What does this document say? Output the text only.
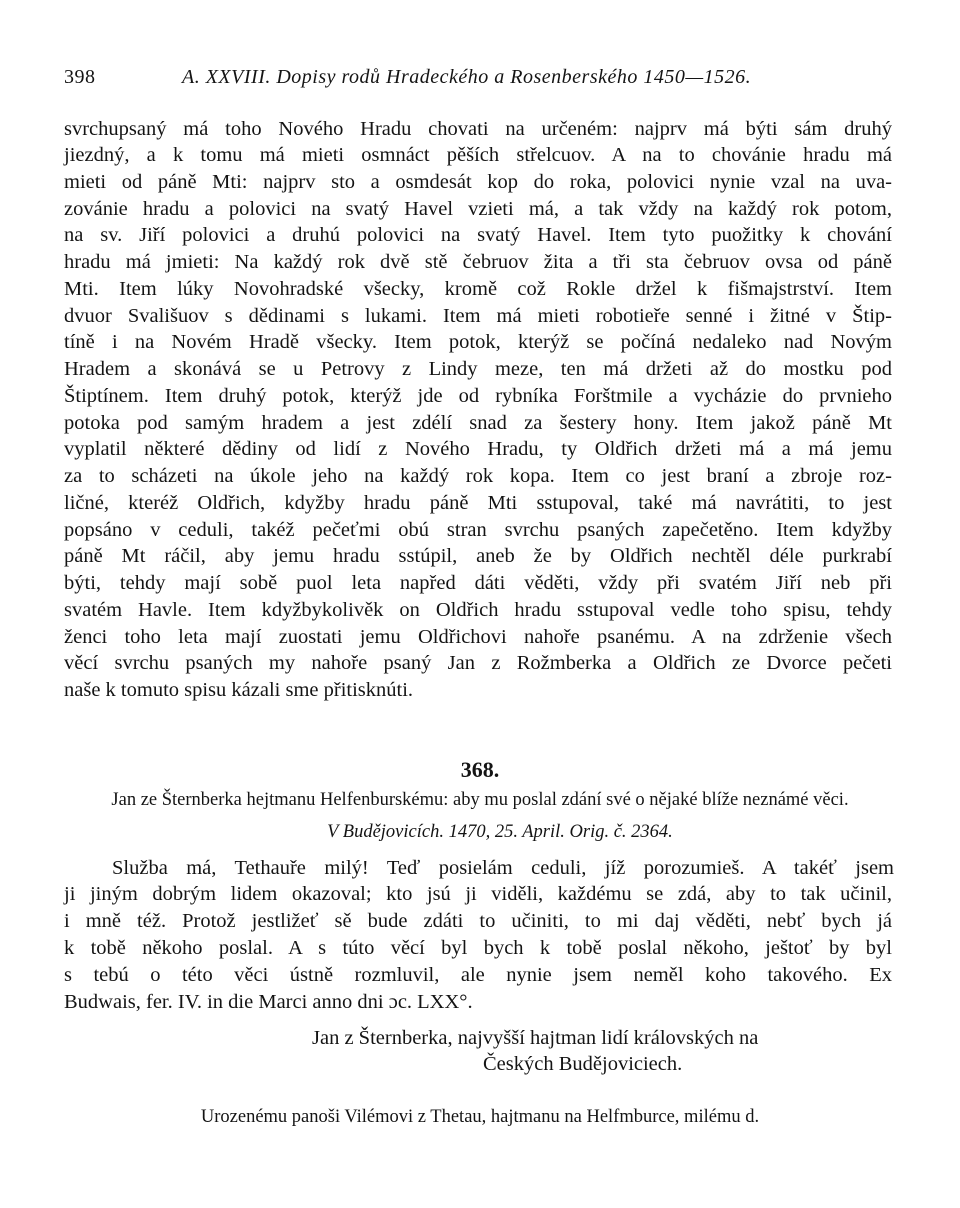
398	A. XXVIII. Dopisy rodů Hradeckého a Rosenberského 1450—1526.
svrchupsaný má toho Nového Hradu chovati na určeném: najprv má býti sám druhý
jiezdný, a k tomu má mieti osmnáct pěších střelcuov. A na to chovánie hradu má
mieti od páně Mti: najprv sto a osmdesát kop do roka, polovici nynie vzal na uva-
zovánie hradu a polovici na svatý Havel vzieti má, a tak vždy na každý rok potom,
na sv. Jiří polovici a druhú polovici na svatý Havel. Item tyto puožitky k chování
hradu má jmieti: Na každý rok dvě stě čebruov žita a tři sta čebruov ovsa od páně
Mti. Item lúky Novohradské všecky, kromě což Rokle držel k fišmajstrství. Item
dvuor Svališuov s dědinami s lukami. Item má mieti robotieře senné i žitné v Štip-
tíně i na Novém Hradě všecky. Item potok, kterýž se počíná nedaleko nad Novým
Hradem a skonává se u Petrovy z Lindy meze, ten má držeti až do mostku pod
Štiptínem. Item druhý potok, kterýž jde od rybníka Forštmile a vycházie do prvnieho
potoka pod samým hradem a jest zdélí snad za šestery hony. Item jakož páně Mt
vyplatil některé dědiny od lidí z Nového Hradu, ty Oldřich držeti má a má jemu
za to scházeti na úkole jeho na každý rok kopa. Item co jest braní a zbroje roz-
ličné, kteréž Oldřich, kdyžby hradu páně Mti sstupoval, také má navrátiti, to jest
popsáno v ceduli, takéž pečeťmi obú stran svrchu psaných zapečetěno. Item kdyžby
páně Mt ráčil, aby jemu hradu sstúpil, aneb že by Oldřich nechtěl déle purkrabí
býti, tehdy mají sobě puol leta napřed dáti věděti, vždy při svatém Jiří neb při
svatém Havle. Item kdyžbykolivěk on Oldřich hradu sstupoval vedle toho spisu, tehdy
ženci toho leta mají zuostati jemu Oldřichovi nahoře psanému. A na zdrženie všech
věcí svrchu psaných my nahoře psaný Jan z Rožmberka a Oldřich ze Dvorce pečeti
naše k tomuto spisu kázali sme přitisknúti.
368.
Jan ze Šternberka hejtmanu Helfenburskému: aby mu poslal zdání své o nějaké blíže neznámé věci.
V Budějovicích. 1470, 25. April. Orig. č. 2364.
Služba má, Tethauře milý! Teď posielám ceduli, jíž porozumieš. A takéť jsem
ji jiným dobrým lidem okazoval; kto jsú ji viděli, každému se zdá, aby to tak učinil,
i mně též. Protož jestližeť sě bude zdáti to učiniti, to mi daj věděti, nebť bych já
k tobě někoho poslal. A s túto věcí byl bych k tobě poslal někoho, ještoť by byl
s tebú o této věci ústně rozmluvil, ale nynie jsem neměl koho takového. Ex
Budwais, fer. IV. in die Marci anno dni ɔc. LXX°.
Jan z Šternberka, najvyšší hajtman lidí královských na
Českých Budějoviciech.
Urozenému panoši Vilémovi z Thetau, hajtmanu na Helfmburce, milému d.
